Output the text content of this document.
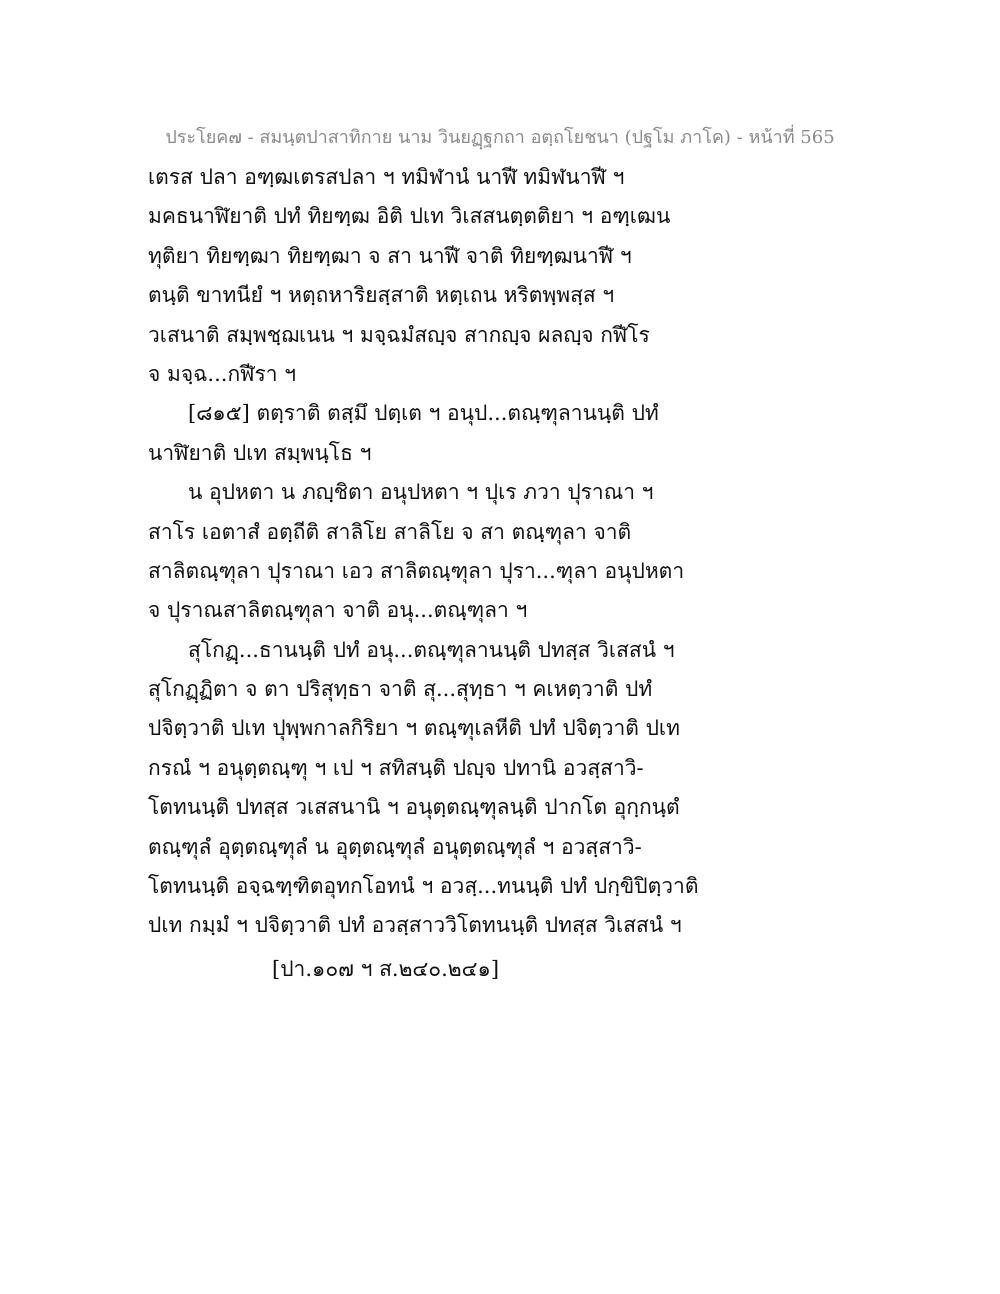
ประโยค๗ - สมนฺตปาสาทิกาย นาม วินยฏฺฐกถา อตฺถโยชนา (ปฐโม ภาโค) - หน้าที่ 565
เตรส ปลา อฑฺฒเตรสปลา ฯ ทมิฬานํ นาฬี ทมิฬนาฬี ฯ
มคธนาฬิยาติ ปทํ ทิยฑฺฒ อิติ ปเท วิเสสนตฺตติยา ฯ อฑฺเฒน
ทุติยา ทิยฑฺฒา ทิยฑฺฒา จ สา นาฬี จาติ ทิยฑฺฒนาฬี ฯ
ตนฺติ ขาทนียํ ฯ หตฺถหาริยสฺสาติ หตฺเถน หริตพฺพสฺส ฯ
วเสนาติ สมฺพชฺฌเนน ฯ มจฺฉมํสญฺจ สากญฺจ ผลญฺจ กฬีโร
จ มจฺฉ...กฬีรา ฯ
[๘๑๕] ตตฺราติ ตสฺมึ ปตฺเต ฯ อนุป...ตณฺฑุลานนฺติ ปทํ
นาฬิยาติ ปเท สมฺพนฺโธ ฯ
น อุปหตา น ภญฺชิตา อนุปหตา ฯ ปุเร ภวา ปุราณา ฯ
สาโร เอตาสํ อตฺถีติ สาลิโย สาลิโย จ สา ตณฺฑุลา จาติ
สาลิตณฺฑุลา ปุราณา เอว สาลิตณฺฑุลา ปุรา...ฑุลา อนุปหตา
จ ปุราณสาลิตณฺฑุลา จาติ อนุ...ตณฺฑุลา ฯ
สุโกฏฺ...ธานนฺติ ปทํ อนุ...ตณฺฑุลานนฺติ ปทสฺส วิเสสนํ ฯ
สุโกฏฺฏิตา จ ตา ปริสุทฺธา จาติ สุ...สุทฺธา ฯ คเหตฺวาติ ปทํ
ปจิตฺวาติ ปเท ปุพฺพกาลกิริยา ฯ ตณฺฑุเลหีติ ปทํ ปจิตฺวาติ ปเท
กรณํ ฯ อนุตฺตณฺฑุ ฯ เป ฯ สทิสนฺติ ปญฺจ ปทานิ อวสฺสาวิ-
โตทนนฺติ ปทสฺส วเสสนานิ ฯ อนุตฺตณฺฑุลนฺติ ปากโต อุกฺกนฺตํ
ตณฺฑุลํ อุตฺตณฺฑุลํ น อุตฺตณฺฑุลํ อนุตฺตณฺฑุลํ ฯ อวสฺสาวิ-
โตทนนฺติ อจฺฉฑฺฑิตอุทกโอทนํ ฯ อวสฺ...ทนนฺติ ปทํ ปกฺขิปิตฺวาติ
ปเท กมฺมํ ฯ ปจิตฺวาติ ปทํ อวสฺสาววิโตทนนฺติ ปทสฺส วิเสสนํ ฯ
[ปา.๑๐๗ ฯ ส.๒๔๐.๒๔๑]
